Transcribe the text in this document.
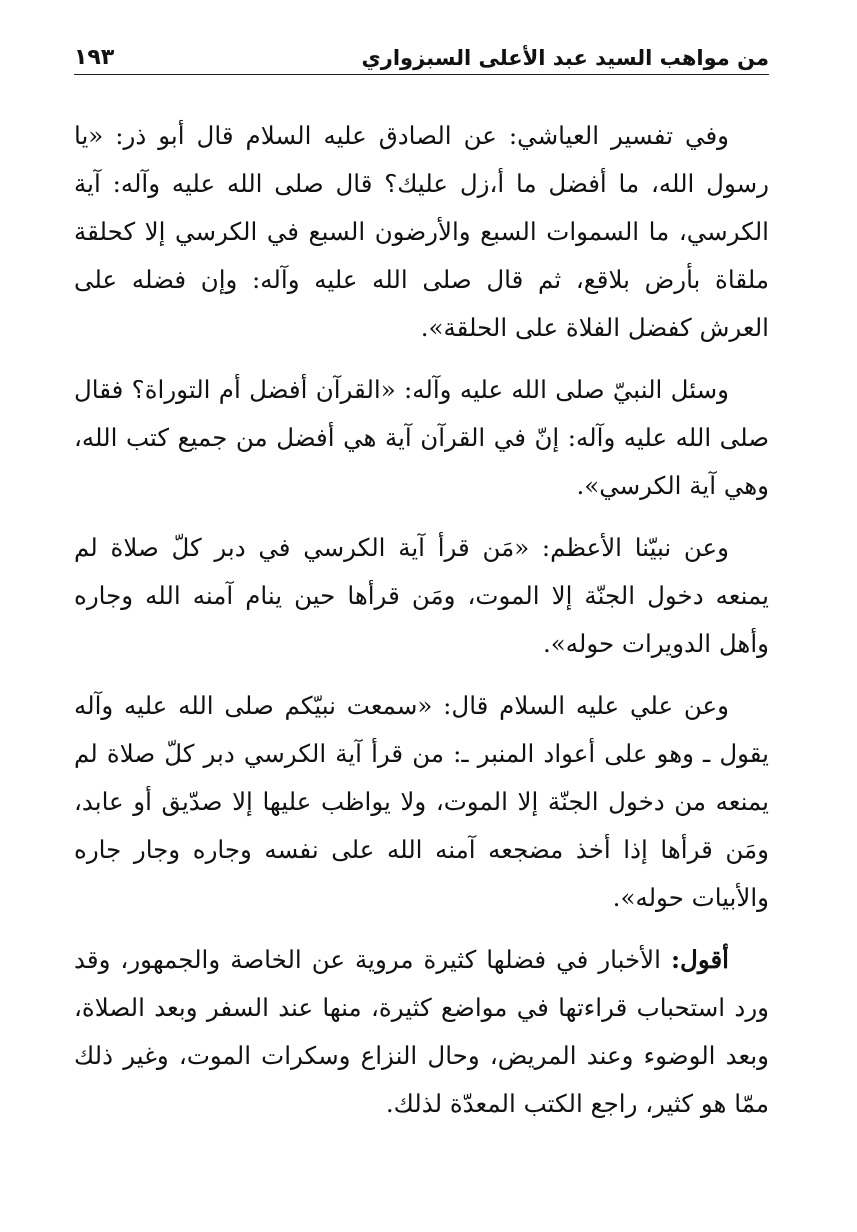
من مواهب السيد عبد الأعلى السبزواري
١٩٣

وفي تفسير العياشي: عن الصادق عليه السلام قال أبو ذر: «يا رسول الله، ما أفضل ما أ،زل عليك؟ قال صلى الله عليه وآله: آية الكرسي، ما السموات السبع والأرضون السبع في الكرسي إلا كحلقة ملقاة بأرض بلاقع، ثم قال صلى الله عليه وآله: وإن فضله على العرش كفضل الفلاة على الحلقة».

وسئل النبيّ صلى الله عليه وآله: «القرآن أفضل أم التوراة؟ فقال صلى الله عليه وآله: إنّ في القرآن آية هي أفضل من جميع كتب الله، وهي آية الكرسي».

وعن نبيّنا الأعظم: «مَن قرأ آية الكرسي في دبر كلّ صلاة لم يمنعه دخول الجنّة إلا الموت، ومَن قرأها حين ينام آمنه الله وجاره وأهل الدويرات حوله».

وعن علي عليه السلام قال: «سمعت نبيّكم صلى الله عليه وآله يقول ـ وهو على أعواد المنبر ـ: من قرأ آية الكرسي دبر كلّ صلاة لم يمنعه من دخول الجنّة إلا الموت، ولا يواظب عليها إلا صدّيق أو عابد، ومَن قرأها إذا أخذ مضجعه آمنه الله على نفسه وجاره وجار جاره والأبيات حوله».

أقول: الأخبار في فضلها كثيرة مروية عن الخاصة والجمهور، وقد ورد استحباب قراءتها في مواضع كثيرة، منها عند السفر وبعد الصلاة، وبعد الوضوء وعند المريض، وحال النزاع وسكرات الموت، وغير ذلك ممّا هو كثير، راجع الكتب المعدّة لذلك.
